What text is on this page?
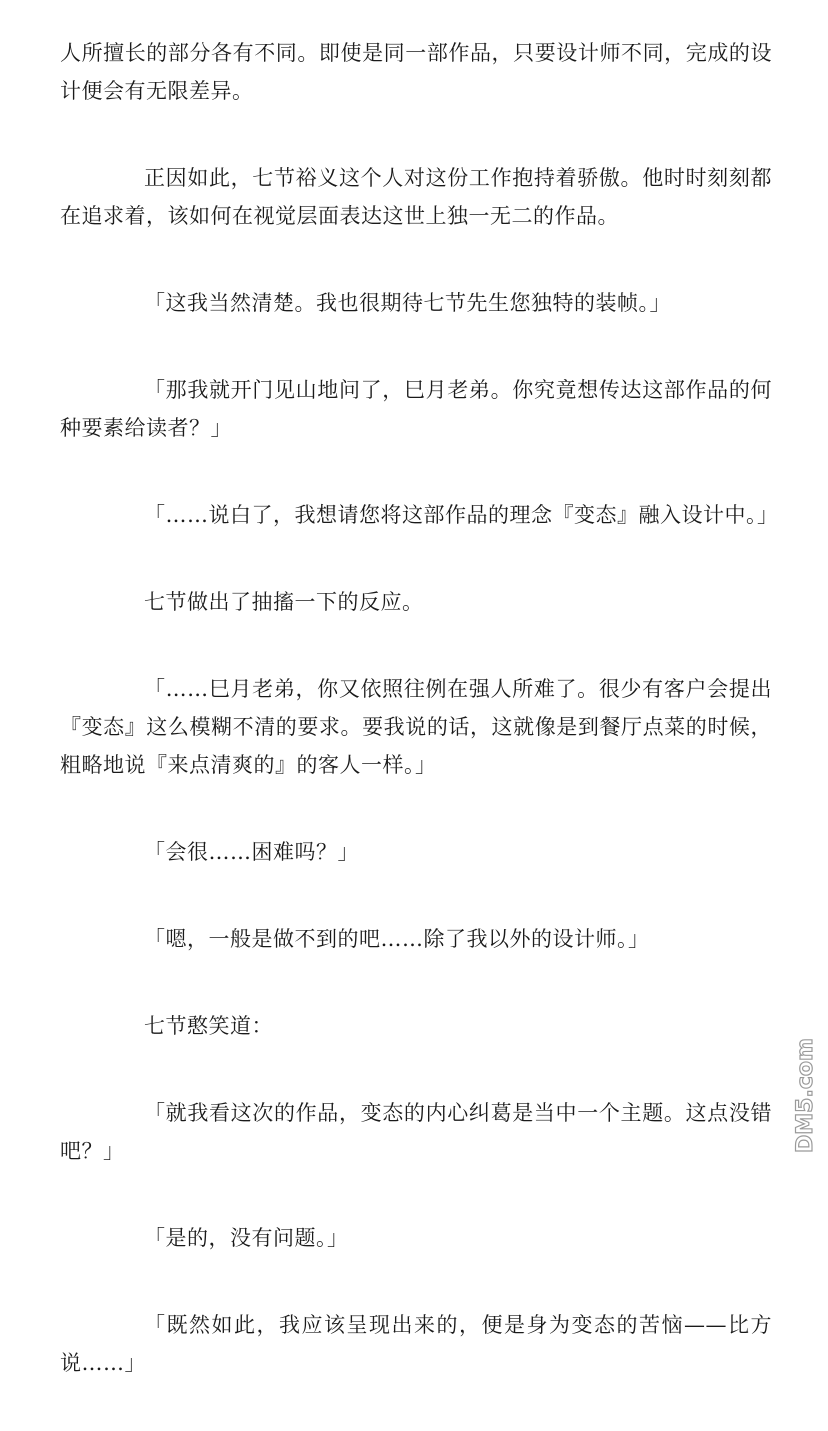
人所擅长的部分各有不同。即使是同一部作品，只要设计师不同，完成的设计便会有无限差异。

正因如此，七节裕义这个人对这份工作抱持着骄傲。他时时刻刻都在追求着，该如何在视觉层面表达这世上独一无二的作品。

「这我当然清楚。我也很期待七节先生您独特的装帧。」

「那我就开门见山地问了，巳月老弟。你究竟想传达这部作品的何种要素给读者？」

「……说白了，我想请您将这部作品的理念『变态』融入设计中。」

七节做出了抽搐一下的反应。

「……巳月老弟，你又依照往例在强人所难了。很少有客户会提出『变态』这么模糊不清的要求。要我说的话，这就像是到餐厅点菜的时候，粗略地说『来点清爽的』的客人一样。」

「会很……困难吗？」

「嗯，一般是做不到的吧……除了我以外的设计师。」

七节憨笑道：

「就我看这次的作品，变态的内心纠葛是当中一个主题。这点没错吧？」

「是的，没有问题。」

「既然如此，我应该呈现出来的，便是身为变态的苦恼——比方说……」

DM5.com
